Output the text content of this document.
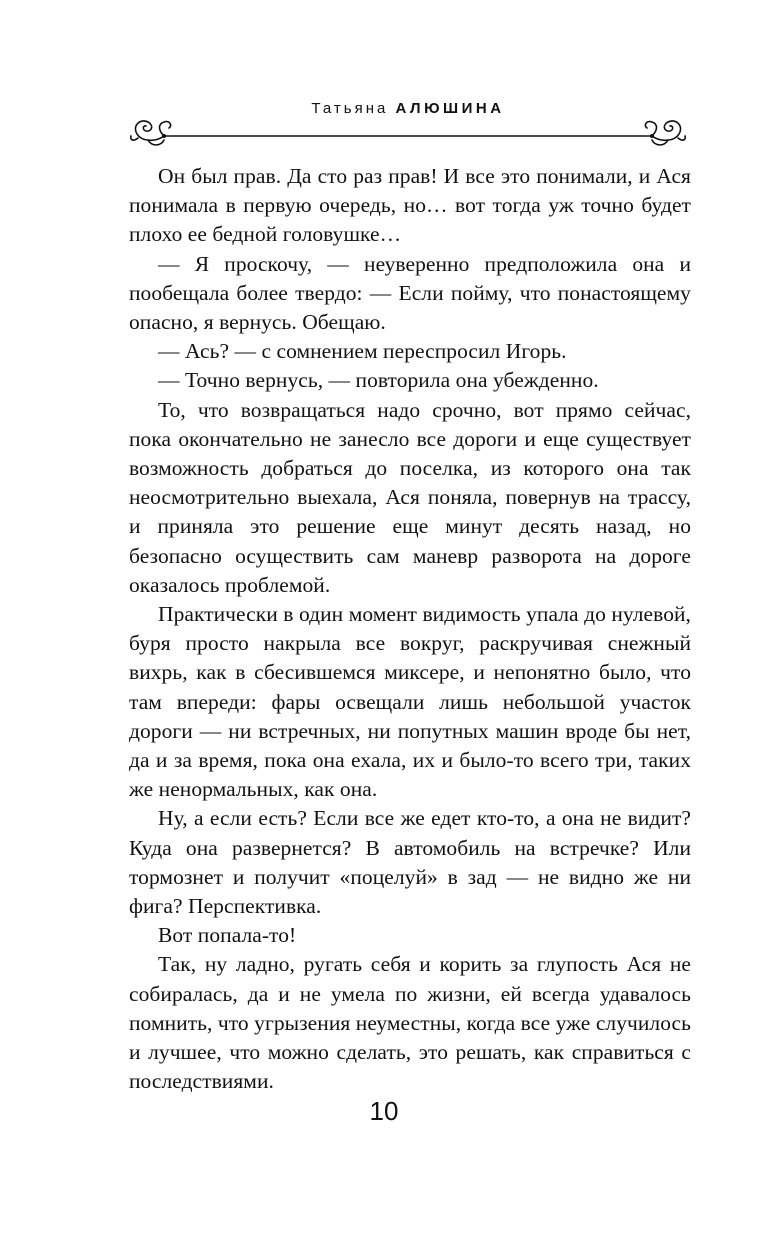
Татьяна АЛЮШИНА

Он был прав. Да сто раз прав! И все это понимали, и Ася понимала в первую очередь, но… вот тогда уж точно будет плохо ее бедной головушке…

— Я проскочу, — неуверенно предположила она и пообещала более твердо: — Если пойму, что понастоящему опасно, я вернусь. Обещаю.

— Ась? — с сомнением переспросил Игорь.

— Точно вернусь, — повторила она убежденно.

То, что возвращаться надо срочно, вот прямо сейчас, пока окончательно не занесло все дороги и еще существует возможность добраться до поселка, из которого она так неосмотрительно выехала, Ася поняла, повернув на трассу, и приняла это решение еще минут десять назад, но безопасно осуществить сам маневр разворота на дороге оказалось проблемой.

Практически в один момент видимость упала до нулевой, буря просто накрыла все вокруг, раскручивая снежный вихрь, как в сбесившемся миксере, и непонятно было, что там впереди: фары освещали лишь небольшой участок дороги — ни встречных, ни попутных машин вроде бы нет, да и за время, пока она ехала, их и было-то всего три, таких же ненормальных, как она.

Ну, а если есть? Если все же едет кто-то, а она не видит? Куда она развернется? В автомобиль на встречке? Или тормознет и получит «поцелуй» в зад — не видно же ни фига? Перспективка.

Вот попала-то!

Так, ну ладно, ругать себя и корить за глупость Ася не собиралась, да и не умела по жизни, ей всегда удавалось помнить, что угрызения неуместны, когда все уже случилось и лучшее, что можно сделать, это решать, как справиться с последствиями.

10
